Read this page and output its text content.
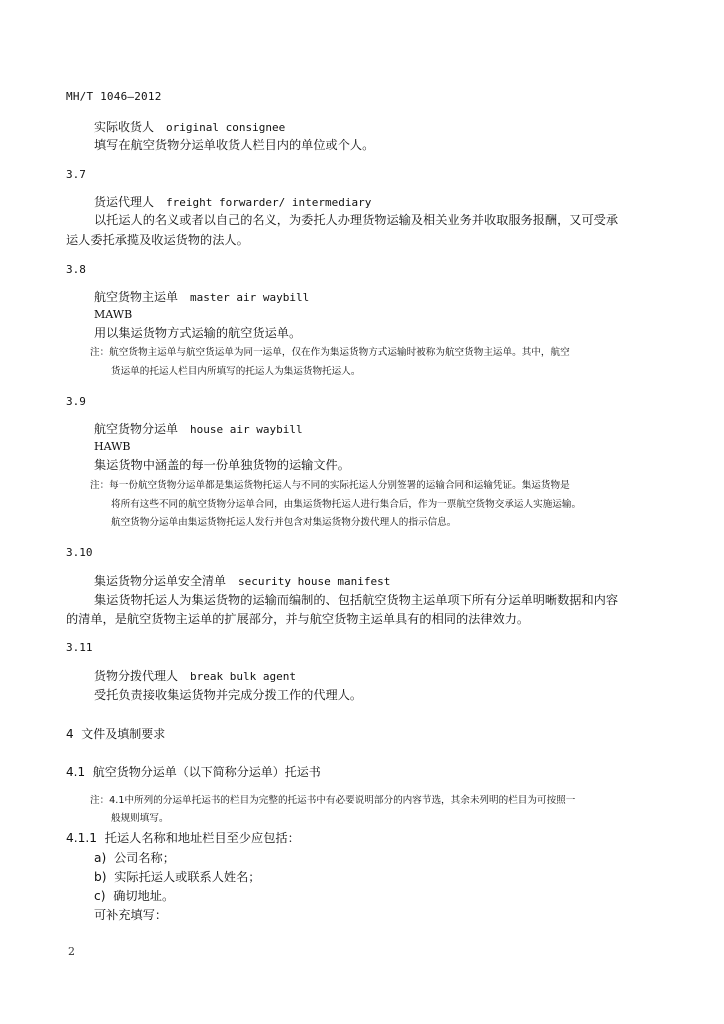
MH/T 1046—2012
实际收货人 original consignee
填写在航空货物分运单收货人栏目内的单位或个人。
3.7
货运代理人 freight forwarder/ intermediary
以托运人的名义或者以自己的名义，为委托人办理货物运输及相关业务并收取服务报酬，又可受承
运人委托承揽及收运货物的法人。
3.8
航空货物主运单 master air waybill
MAWB
用以集运货物方式运输的航空货运单。
注：航空货物主运单与航空货运单为同一运单，仅在作为集运货物方式运输时被称为航空货物主运单。其中，航空
货运单的托运人栏目内所填写的托运人为集运货物托运人。
3.9
航空货物分运单 house air waybill
HAWB
集运货物中涵盖的每一份单独货物的运输文件。
注：每一份航空货物分运单都是集运货物托运人与不同的实际托运人分别签署的运输合同和运输凭证。集运货物是
将所有这些不同的航空货物分运单合同，由集运货物托运人进行集合后，作为一票航空货物交承运人实施运输。
航空货物分运单由集运货物托运人发行并包含对集运货物分拨代理人的指示信息。
3.10
集运货物分运单安全清单 security house manifest
集运货物托运人为集运货物的运输而编制的、包括航空货物主运单项下所有分运单明晰数据和内容
的清单，是航空货物主运单的扩展部分，并与航空货物主运单具有的相同的法律效力。
3.11
货物分拨代理人 break bulk agent
受托负责接收集运货物并完成分拨工作的代理人。
4  文件及填制要求
4.1  航空货物分运单（以下简称分运单）托运书
注：4.1中所列的分运单托运书的栏目为完整的托运书中有必要说明部分的内容节选，其余未列明的栏目为可按照一
般规则填写。
4.1.1  托运人名称和地址栏目至少应包括：
a)  公司名称；
b)  实际托运人或联系人姓名；
c)  确切地址。
可补充填写：
2
